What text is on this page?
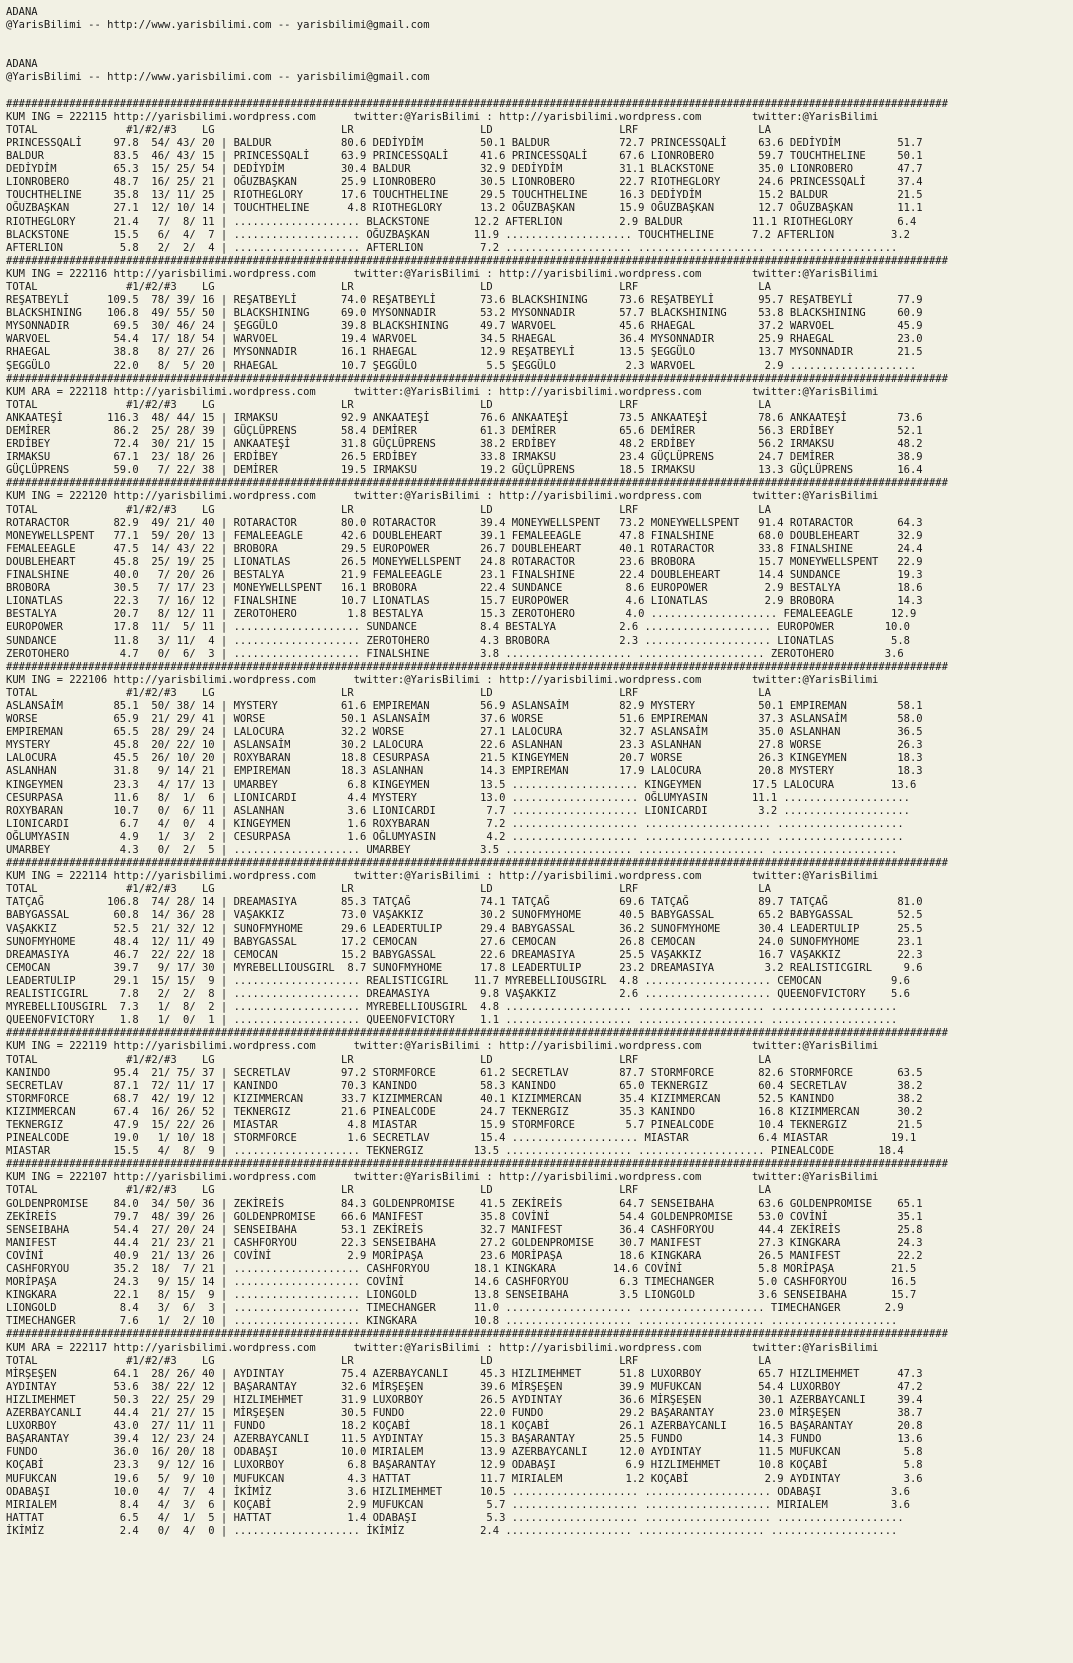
ADANA
@YarisBilimi -- http://www.yarisbilimi.com -- yarisbilimi@gmail.com

ADANA
@YarisBilimi -- http://www.yarisbilimi.com -- yarisbilimi@gmail.com

#####################################################################################################################################################
KUM ING = 222115 http://yarisbilimi.wordpress.com      twitter:@YarisBilimi : http://yarisbilimi.wordpress.com        twitter:@YarisBilimi
TOTAL              #1/#2/#3    LG                    LR                    LD                    LRF                   LA
PRINCESSQALİ     97.8  54/ 43/ 20 | BALDUR           80.6 DEDİYDİM         50.1 BALDUR           72.7 PRINCESSQALİ     63.6 DEDİYDİM         51.7
BALDUR           83.5  46/ 43/ 15 | PRINCESSQALİ     63.9 PRINCESSQALİ     41.6 PRINCESSQALİ     67.6 LIONROBERO       59.7 TOUCHTHELINE     50.1
DEDİYDİM         65.3  15/ 25/ 54 | DEDİYDİM         30.4 BALDUR           32.9 DEDİYDİM         31.1 BLACKSTONE       35.0 LIONROBERO       47.7
LIONROBERO       48.7  16/ 25/ 21 | OĞUZBAŞKAN       25.9 LIONROBERO       30.5 LIONROBERO       22.7 RIOTHEGLORY      24.6 PRINCESSQALİ     37.4
TOUCHTHELINE     35.8  13/ 11/ 25 | RIOTHEGLORY      17.6 TOUCHTHELINE     29.5 TOUCHTHELINE     16.3 DEDİYDİM         15.2 BALDUR           21.5
OĞUZBAŞKAN       27.1  12/ 10/ 14 | TOUCHTHELINE      4.8 RIOTHEGLORY      13.2 OĞUZBAŞKAN       15.9 OĞUZBAŞKAN       12.7 OĞUZBAŞKAN       11.1
RIOTHEGLORY      21.4   7/  8/ 11 | .................... BLACKSTONE       12.2 AFTERLION         2.9 BALDUR           11.1 RIOTHEGLORY       6.4
BLACKSTONE       15.5   6/  4/  7 | .................... OĞUZBAŞKAN       11.9 .................... TOUCHTHELINE      7.2 AFTERLION         3.2
AFTERLION         5.8   2/  2/  4 | .................... AFTERLION         7.2 .................... .................... ....................
#####################################################################################################################################################
KUM ING = 222116 http://yarisbilimi.wordpress.com      twitter:@YarisBilimi : http://yarisbilimi.wordpress.com        twitter:@YarisBilimi
TOTAL              #1/#2/#3    LG                    LR                    LD                    LRF                   LA
REŞATBEYLİ      109.5  78/ 39/ 16 | REŞATBEYLİ       74.0 REŞATBEYLİ       73.6 BLACKSHINING     73.6 REŞATBEYLİ       95.7 REŞATBEYLİ       77.9
BLACKSHINING    106.8  49/ 55/ 50 | BLACKSHINING     69.0 MYSONNADIR       53.2 MYSONNADIR       57.7 BLACKSHINING     53.8 BLACKSHINING     60.9
MYSONNADIR       69.5  30/ 46/ 24 | ŞEGGÜLO          39.8 BLACKSHINING     49.7 WARVOEL          45.6 RHAEGAL          37.2 WARVOEL          45.9
WARVOEL          54.4  17/ 18/ 54 | WARVOEL          19.4 WARVOEL          34.5 RHAEGAL          36.4 MYSONNADIR       25.9 RHAEGAL          23.0
RHAEGAL          38.8   8/ 27/ 26 | MYSONNADIR       16.1 RHAEGAL          12.9 REŞATBEYLİ       13.5 ŞEGGÜLO          13.7 MYSONNADIR       21.5
ŞEGGÜLO          22.0   8/  5/ 20 | RHAEGAL          10.7 ŞEGGÜLO           5.5 ŞEGGÜLO           2.3 WARVOEL           2.9 ....................
#####################################################################################################################################################
KUM ARA = 222118 http://yarisbilimi.wordpress.com      twitter:@YarisBilimi : http://yarisbilimi.wordpress.com        twitter:@YarisBilimi
TOTAL              #1/#2/#3    LG                    LR                    LD                    LRF                   LA
ANKAATEŞİ       116.3  48/ 44/ 15 | IRMAKSU          92.9 ANKAATEŞİ        76.6 ANKAATEŞİ        73.5 ANKAATEŞİ        78.6 ANKAATEŞİ        73.6
DEMİRER          86.2  25/ 28/ 39 | GÜÇLÜPRENS       58.4 DEMİRER          61.3 DEMİRER          65.6 DEMİRER          56.3 ERDİBEY          52.1
ERDİBEY          72.4  30/ 21/ 15 | ANKAATEŞİ        31.8 GÜÇLÜPRENS       38.2 ERDİBEY          48.2 ERDİBEY          56.2 IRMAKSU          48.2
IRMAKSU          67.1  23/ 18/ 26 | ERDİBEY          26.5 ERDİBEY          33.8 IRMAKSU          23.4 GÜÇLÜPRENS       24.7 DEMİRER          38.9
GÜÇLÜPRENS       59.0   7/ 22/ 38 | DEMİRER          19.5 IRMAKSU          19.2 GÜÇLÜPRENS       18.5 IRMAKSU          13.3 GÜÇLÜPRENS       16.4
#####################################################################################################################################################
KUM ING = 222120 http://yarisbilimi.wordpress.com      twitter:@YarisBilimi : http://yarisbilimi.wordpress.com        twitter:@YarisBilimi
TOTAL              #1/#2/#3    LG                    LR                    LD                    LRF                   LA
ROTARACTOR       82.9  49/ 21/ 40 | ROTARACTOR       80.0 ROTARACTOR       39.4 MONEYWELLSPENT   73.2 MONEYWELLSPENT   91.4 ROTARACTOR       64.3
MONEYWELLSPENT   77.1  59/ 20/ 13 | FEMALEEAGLE      42.6 DOUBLEHEART      39.1 FEMALEEAGLE      47.8 FINALSHINE       68.0 DOUBLEHEART      32.9
FEMALEEAGLE      47.5  14/ 43/ 22 | BROBORA          29.5 EUROPOWER        26.7 DOUBLEHEART      40.1 ROTARACTOR       33.8 FINALSHINE       24.4
DOUBLEHEART      45.8  25/ 19/ 25 | LIONATLAS        26.5 MONEYWELLSPENT   24.8 ROTARACTOR       23.6 BROBORA          15.7 MONEYWELLSPENT   22.9
FINALSHINE       40.0   7/ 20/ 26 | BESTALYA         21.9 FEMALEEAGLE      23.1 FINALSHINE       22.4 DOUBLEHEART      14.4 SUNDANCE         19.3
BROBORA          30.5   7/ 17/ 23 | MONEYWELLSPENT   16.1 BROBORA          22.4 SUNDANCE          8.6 EUROPOWER         2.9 BESTALYA         18.6
LIONATLAS        22.3   7/ 16/ 12 | FINALSHINE       10.7 LIONATLAS        15.7 EUROPOWER         4.6 LIONATLAS         2.9 BROBORA          14.3
BESTALYA         20.7   8/ 12/ 11 | ZEROTOHERO        1.8 BESTALYA         15.3 ZEROTOHERO        4.0 .................... FEMALEEAGLE      12.9
EUROPOWER        17.8  11/  5/ 11 | .................... SUNDANCE          8.4 BESTALYA          2.6 .................... EUROPOWER        10.0
SUNDANCE         11.8   3/ 11/  4 | .................... ZEROTOHERO        4.3 BROBORA           2.3 .................... LIONATLAS         5.8
ZEROTOHERO        4.7   0/  6/  3 | .................... FINALSHINE        3.8 .................... .................... ZEROTOHERO        3.6
#####################################################################################################################################################
KUM ING = 222106 http://yarisbilimi.wordpress.com      twitter:@YarisBilimi : http://yarisbilimi.wordpress.com        twitter:@YarisBilimi
TOTAL              #1/#2/#3    LG                    LR                    LD                    LRF                   LA
ASLANSAİM        85.1  50/ 38/ 14 | MYSTERY          61.6 EMPIREMAN        56.9 ASLANSAİM        82.9 MYSTERY          50.1 EMPIREMAN        58.1
WORSE            65.9  21/ 29/ 41 | WORSE            50.1 ASLANSAİM        37.6 WORSE            51.6 EMPIREMAN        37.3 ASLANSAİM        58.0
EMPIREMAN        65.5  28/ 29/ 24 | LALOCURA         32.2 WORSE            27.1 LALOCURA         32.7 ASLANSAİM        35.0 ASLANHAN         36.5
MYSTERY          45.8  20/ 22/ 10 | ASLANSAİM        30.2 LALOCURA         22.6 ASLANHAN         23.3 ASLANHAN         27.8 WORSE            26.3
LALOCURA         45.5  26/ 10/ 20 | ROXYBARAN        18.8 CESURPASA        21.5 KINGEYMEN        20.7 WORSE            26.3 KINGEYMEN        18.3
ASLANHAN         31.8   9/ 14/ 21 | EMPIREMAN        18.3 ASLANHAN         14.3 EMPIREMAN        17.9 LALOCURA         20.8 MYSTERY          18.3
KINGEYMEN        23.3   4/ 17/ 13 | UMARBEY           6.8 KINGEYMEN        13.5 .................... KINGEYMEN        17.5 LALOCURA         13.6
CESURPASA        11.6   8/  1/  6 | LIONICARDI        4.4 MYSTERY          13.0 .................... OĞLUMYASIN       11.1 ....................
ROXYBARAN        10.7   0/  6/ 11 | ASLANHAN          3.6 LIONICARDI        7.7 .................... LIONICARDI        3.2 ....................
LIONICARDI        6.7   4/  0/  4 | KINGEYMEN         1.6 ROXYBARAN         7.2 .................... .................... ....................
OĞLUMYASIN        4.9   1/  3/  2 | CESURPASA         1.6 OĞLUMYASIN        4.2 .................... .................... ....................
UMARBEY           4.3   0/  2/  5 | .................... UMARBEY           3.5 .................... .................... ....................
#####################################################################################################################################################
KUM ING = 222114 http://yarisbilimi.wordpress.com      twitter:@YarisBilimi : http://yarisbilimi.wordpress.com        twitter:@YarisBilimi
TOTAL              #1/#2/#3    LG                    LR                    LD                    LRF                   LA
TATÇAĞ          106.8  74/ 28/ 14 | DREAMASIYA       85.3 TATÇAĞ           74.1 TATÇAĞ           69.6 TATÇAĞ           89.7 TATÇAĞ           81.0
BABYGASSAL       60.8  14/ 36/ 28 | VAŞAKKIZ         73.0 VAŞAKKIZ         30.2 SUNOFMYHOME      40.5 BABYGASSAL       65.2 BABYGASSAL       52.5
VAŞAKKIZ         52.5  21/ 32/ 12 | SUNOFMYHOME      29.6 LEADERTULIP      29.4 BABYGASSAL       36.2 SUNOFMYHOME      30.4 LEADERTULIP      25.5
SUNOFMYHOME      48.4  12/ 11/ 49 | BABYGASSAL       17.2 CEMOCAN          27.6 CEMOCAN          26.8 CEMOCAN          24.0 SUNOFMYHOME      23.1
DREAMASIYA       46.7  22/ 22/ 18 | CEMOCAN          15.2 BABYGASSAL       22.6 DREAMASIYA       25.5 VAŞAKKIZ         16.7 VAŞAKKIZ         22.3
CEMOCAN          39.7   9/ 17/ 30 | MYREBELLIOUSGIRL  8.7 SUNOFMYHOME      17.8 LEADERTULIP      23.2 DREAMASIYA        3.2 REALISTICGIRL     9.6
LEADERTULIP      29.1  15/ 15/  9 | .................... REALISTICGIRL    11.7 MYREBELLIOUSGIRL  4.8 .................... CEMOCAN           9.6
REALISTICGIRL     7.8   2/  2/  8 | .................... DREAMASIYA        9.8 VAŞAKKIZ          2.6 .................... QUEENOFVICTORY    5.6
MYREBELLIOUSGIRL  7.3   1/  8/  2 | .................... MYREBELLIOUSGIRL  4.8 .................... .................... ....................
QUEENOFVICTORY    1.8   1/  0/  1 | .................... QUEENOFVICTORY    1.1 .................... .................... ....................
#####################################################################################################################################################
KUM ING = 222119 http://yarisbilimi.wordpress.com      twitter:@YarisBilimi : http://yarisbilimi.wordpress.com        twitter:@YarisBilimi
TOTAL              #1/#2/#3    LG                    LR                    LD                    LRF                   LA
KANINDO          95.4  21/ 75/ 37 | SECRETLAV        97.2 STORMFORCE       61.2 SECRETLAV        87.7 STORMFORCE       82.6 STORMFORCE       63.5
SECRETLAV        87.1  72/ 11/ 17 | KANINDO          70.3 KANINDO          58.3 KANINDO          65.0 TEKNERGIZ        60.4 SECRETLAV        38.2
STORMFORCE       68.7  42/ 19/ 12 | KIZIMMERCAN      33.7 KIZIMMERCAN      40.1 KIZIMMERCAN      35.4 KIZIMMERCAN      52.5 KANINDO          38.2
KIZIMMERCAN      67.4  16/ 26/ 52 | TEKNERGIZ        21.6 PINEALCODE       24.7 TEKNERGIZ        35.3 KANINDO          16.8 KIZIMMERCAN      30.2
TEKNERGIZ        47.9  15/ 22/ 26 | MIASTAR           4.8 MIASTAR          15.9 STORMFORCE        5.7 PINEALCODE       10.4 TEKNERGIZ        21.5
PINEALCODE       19.0   1/ 10/ 18 | STORMFORCE        1.6 SECRETLAV        15.4 .................... MIASTAR           6.4 MIASTAR          19.1
MIASTAR          15.5   4/  8/  9 | .................... TEKNERGIZ        13.5 .................... .................... PINEALCODE       18.4
#####################################################################################################################################################
KUM ING = 222107 http://yarisbilimi.wordpress.com      twitter:@YarisBilimi : http://yarisbilimi.wordpress.com        twitter:@YarisBilimi
TOTAL              #1/#2/#3    LG                    LR                    LD                    LRF                   LA
GOLDENPROMISE    84.0  34/ 50/ 36 | ZEKİREİS         84.3 GOLDENPROMISE    41.5 ZEKİREİS         64.7 SENSEIBAHA       63.6 GOLDENPROMISE    65.1
ZEKİREİS         79.7  48/ 39/ 26 | GOLDENPROMISE    66.6 MANIFEST         35.8 COVİNİ           54.4 GOLDENPROMISE    53.0 COVİNİ           35.1
SENSEIBAHA       54.4  27/ 20/ 24 | SENSEIBAHA       53.1 ZEKİREİS         32.7 MANIFEST         36.4 CASHFORYOU       44.4 ZEKİREİS         25.8
MANIFEST         44.4  21/ 23/ 21 | CASHFORYOU       22.3 SENSEIBAHA       27.2 GOLDENPROMISE    30.7 MANIFEST         27.3 KINGKARA         24.3
COVİNİ           40.9  21/ 13/ 26 | COVİNİ            2.9 MORİPAŞA         23.6 MORİPAŞA         18.6 KINGKARA         26.5 MANIFEST         22.2
CASHFORYOU       35.2  18/  7/ 21 | .................... CASHFORYOU       18.1 KINGKARA         14.6 COVİNİ            5.8 MORİPAŞA         21.5
MORİPAŞA         24.3   9/ 15/ 14 | .................... COVİNİ           14.6 CASHFORYOU        6.3 TIMECHANGER       5.0 CASHFORYOU       16.5
KINGKARA         22.1   8/ 15/  9 | .................... LIONGOLD         13.8 SENSEIBAHA        3.5 LIONGOLD          3.6 SENSEIBAHA       15.7
LIONGOLD          8.4   3/  6/  3 | .................... TIMECHANGER      11.0 .................... .................... TIMECHANGER       2.9
TIMECHANGER       7.6   1/  2/ 10 | .................... KINGKARA         10.8 .................... .................... ....................
#####################################################################################################################################################
KUM ARA = 222117 http://yarisbilimi.wordpress.com      twitter:@YarisBilimi : http://yarisbilimi.wordpress.com        twitter:@YarisBilimi
TOTAL              #1/#2/#3    LG                    LR                    LD                    LRF                   LA
MİRŞEŞEN         64.1  28/ 26/ 40 | AYDINTAY         75.4 AZERBAYCANLI     45.3 HIZLIMEHMET      51.8 LUXORBOY         65.7 HIZLIMEHMET      47.3
AYDINTAY         53.6  38/ 22/ 12 | BAŞARANTAY       32.6 MİRŞEŞEN         39.6 MİRŞEŞEN         39.9 MUFUKCAN         54.4 LUXORBOY         47.2
HIZLIMEHMET      50.3  22/ 25/ 29 | HIZLIMEHMET      31.9 LUXORBOY         26.5 AYDINTAY         36.6 MİRŞEŞEN         30.1 AZERBAYCANLI     39.4
AZERBAYCANLI     44.4  21/ 27/ 15 | MİRŞEŞEN         30.5 FUNDO            22.0 FUNDO            29.2 BAŞARANTAY       23.0 MİRŞEŞEN         38.7
LUXORBOY         43.0  27/ 11/ 11 | FUNDO            18.2 KOÇABİ           18.1 KOÇABİ           26.1 AZERBAYCANLI     16.5 BAŞARANTAY       20.8
BAŞARANTAY       39.4  12/ 23/ 24 | AZERBAYCANLI     11.5 AYDINTAY         15.3 BAŞARANTAY       25.5 FUNDO            14.3 FUNDO            13.6
FUNDO            36.0  16/ 20/ 18 | ODABAŞI          10.0 MIRIALEM         13.9 AZERBAYCANLI     12.0 AYDINTAY         11.5 MUFUKCAN          5.8
KOÇABİ           23.3   9/ 12/ 16 | LUXORBOY          6.8 BAŞARANTAY       12.9 ODABAŞI           6.9 HIZLIMEHMET      10.8 KOÇABİ            5.8
MUFUKCAN         19.6   5/  9/ 10 | MUFUKCAN          4.3 HATTAT           11.7 MIRIALEM          1.2 KOÇABİ            2.9 AYDINTAY          3.6
ODABAŞI          10.0   4/  7/  4 | İKİMİZ            3.6 HIZLIMEHMET      10.5 .................... .................... ODABAŞI           3.6
MIRIALEM          8.4   4/  3/  6 | KOÇABİ            2.9 MUFUKCAN          5.7 .................... .................... MIRIALEM          3.6
HATTAT            6.5   4/  1/  5 | HATTAT            1.4 ODABAŞI           5.3 .................... .................... ....................
İKİMİZ            2.4   0/  4/  0 | .................... İKİMİZ            2.4 .................... .................... ....................
